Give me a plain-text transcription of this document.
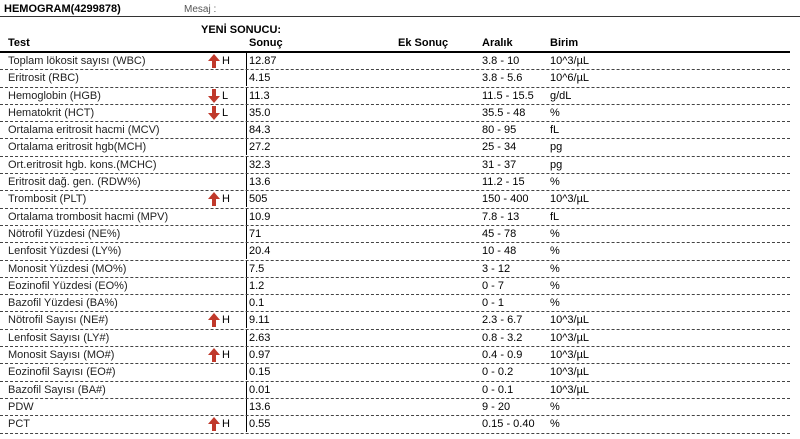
HEMOGRAM(4299878)	Mesaj :
YENİ SONUCU:
Test	Sonuç	Ek Sonuç	Aralık	Birim
Toplam lökosit sayısı (WBC)	H 12.87	3.8 - 10	10^3/µL
Eritrosit (RBC)	4.15	3.8 - 5.6	10^6/µL
Hemoglobin (HGB)	L 11.3	11.5 - 15.5 g/dL
Hematokrit (HCT)	L 35.0	35.5 - 48 %
Ortalama eritrosit hacmi (MCV)	84.3	80 - 95	fL
Ortalama eritrosit hgb(MCH)	27.2	25 - 34	pg
Ort.eritrosit hgb. kons.(MCHC)	32.3	31 - 37	pg
Eritrosit dağ. gen. (RDW%)	13.6	11.2 - 15 %
Trombosit (PLT)	H 505	150 - 400 10^3/µL
Ortalama trombosit hacmi (MPV)	10.9	7.8 - 13	fL
Nötrofil Yüzdesi (NE%)	71	45 - 78	%
Lenfosit Yüzdesi (LY%)	20.4	10 - 48	%
Monosit Yüzdesi (MO%)	7.5	3 - 12	%
Eozinofil Yüzdesi (EO%)	1.2	0 - 7	%
Bazofil Yüzdesi (BA%)	0.1	0 - 1	%
Nötrofil Sayısı (NE#)	H 9.11	2.3 - 6.7	10^3/µL
Lenfosit Sayısı (LY#)	2.63	0.8 - 3.2	10^3/µL
Monosit Sayısı (MO#)	H 0.97	0.4 - 0.9	10^3/µL
Eozinofil Sayısı (EO#)	0.15	0 - 0.2	10^3/µL
Bazofil Sayısı (BA#)	0.01	0 - 0.1	10^3/µL
PDW	13.6	9 - 20	%
PCT	H 0.55	0.15 - 0.40 %
